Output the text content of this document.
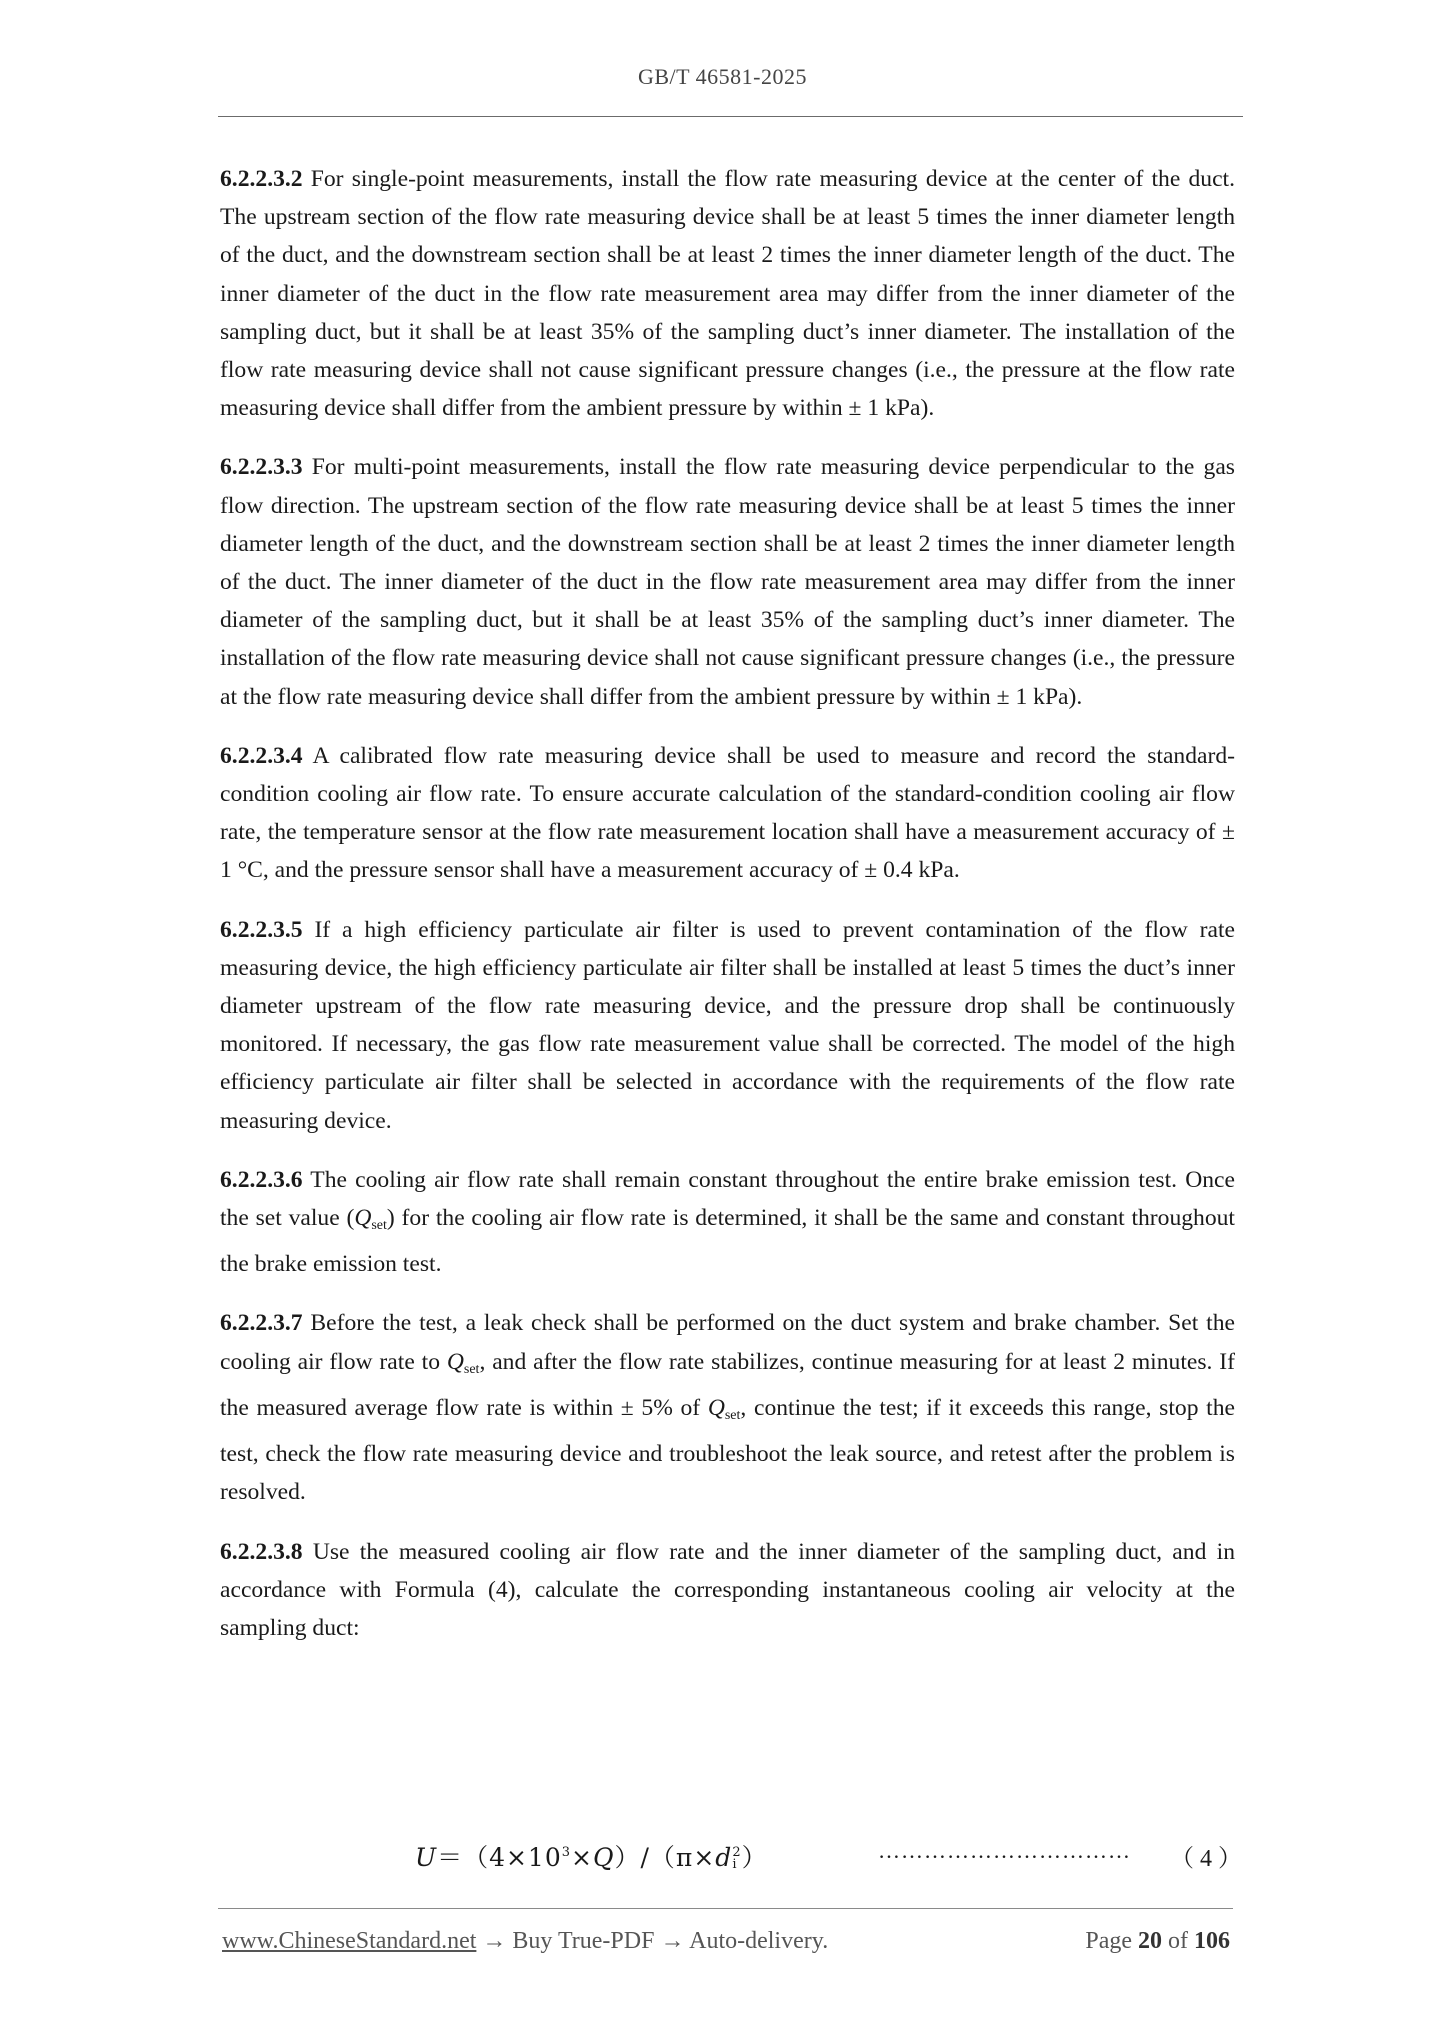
GB/T 46581-2025

6.2.2.3.2 For single-point measurements, install the flow rate measuring device at the center of the duct. The upstream section of the flow rate measuring device shall be at least 5 times the inner diameter length of the duct, and the downstream section shall be at least 2 times the inner diameter length of the duct. The inner diameter of the duct in the flow rate measurement area may differ from the inner diameter of the sampling duct, but it shall be at least 35% of the sampling duct’s inner diameter. The installation of the flow rate measuring device shall not cause significant pressure changes (i.e., the pressure at the flow rate measuring device shall differ from the ambient pressure by within ± 1 kPa).

6.2.2.3.3 For multi-point measurements, install the flow rate measuring device perpendicular to the gas flow direction. The upstream section of the flow rate measuring device shall be at least 5 times the inner diameter length of the duct, and the downstream section shall be at least 2 times the inner diameter length of the duct. The inner diameter of the duct in the flow rate measurement area may differ from the inner diameter of the sampling duct, but it shall be at least 35% of the sampling duct’s inner diameter. The installation of the flow rate measuring device shall not cause significant pressure changes (i.e., the pressure at the flow rate measuring device shall differ from the ambient pressure by within ± 1 kPa).

6.2.2.3.4 A calibrated flow rate measuring device shall be used to measure and record the standard-condition cooling air flow rate. To ensure accurate calculation of the standard-condition cooling air flow rate, the temperature sensor at the flow rate measurement location shall have a measurement accuracy of ± 1 °C, and the pressure sensor shall have a measurement accuracy of ± 0.4 kPa.

6.2.2.3.5 If a high efficiency particulate air filter is used to prevent contamination of the flow rate measuring device, the high efficiency particulate air filter shall be installed at least 5 times the duct’s inner diameter upstream of the flow rate measuring device, and the pressure drop shall be continuously monitored. If necessary, the gas flow rate measurement value shall be corrected. The model of the high efficiency particulate air filter shall be selected in accordance with the requirements of the flow rate measuring device.

6.2.2.3.6 The cooling air flow rate shall remain constant throughout the entire brake emission test. Once the set value $(Q_{set})$ for the cooling air flow rate is determined, it shall be the same and constant throughout the brake emission test.

6.2.2.3.7 Before the test, a leak check shall be performed on the duct system and brake chamber. Set the cooling air flow rate to $Q_{set}$, and after the flow rate stabilizes, continue measuring for at least 2 minutes. If the measured average flow rate is within ± 5% of $Q_{set}$, continue the test; if it exceeds this range, stop the test, check the flow rate measuring device and troubleshoot the leak source, and retest after the problem is resolved.

6.2.2.3.8 Use the measured cooling air flow rate and the inner diameter of the sampling duct, and in accordance with Formula (4), calculate the corresponding instantaneous cooling air velocity at the sampling duct:

$U=(4\times 10^3\times Q)/(\pi\times d$ 2
i ）	…………………………… （ 4 ）
www.ChineseStandard.net → Buy True-PDF → Auto-delivery.	Page 20 of 106
